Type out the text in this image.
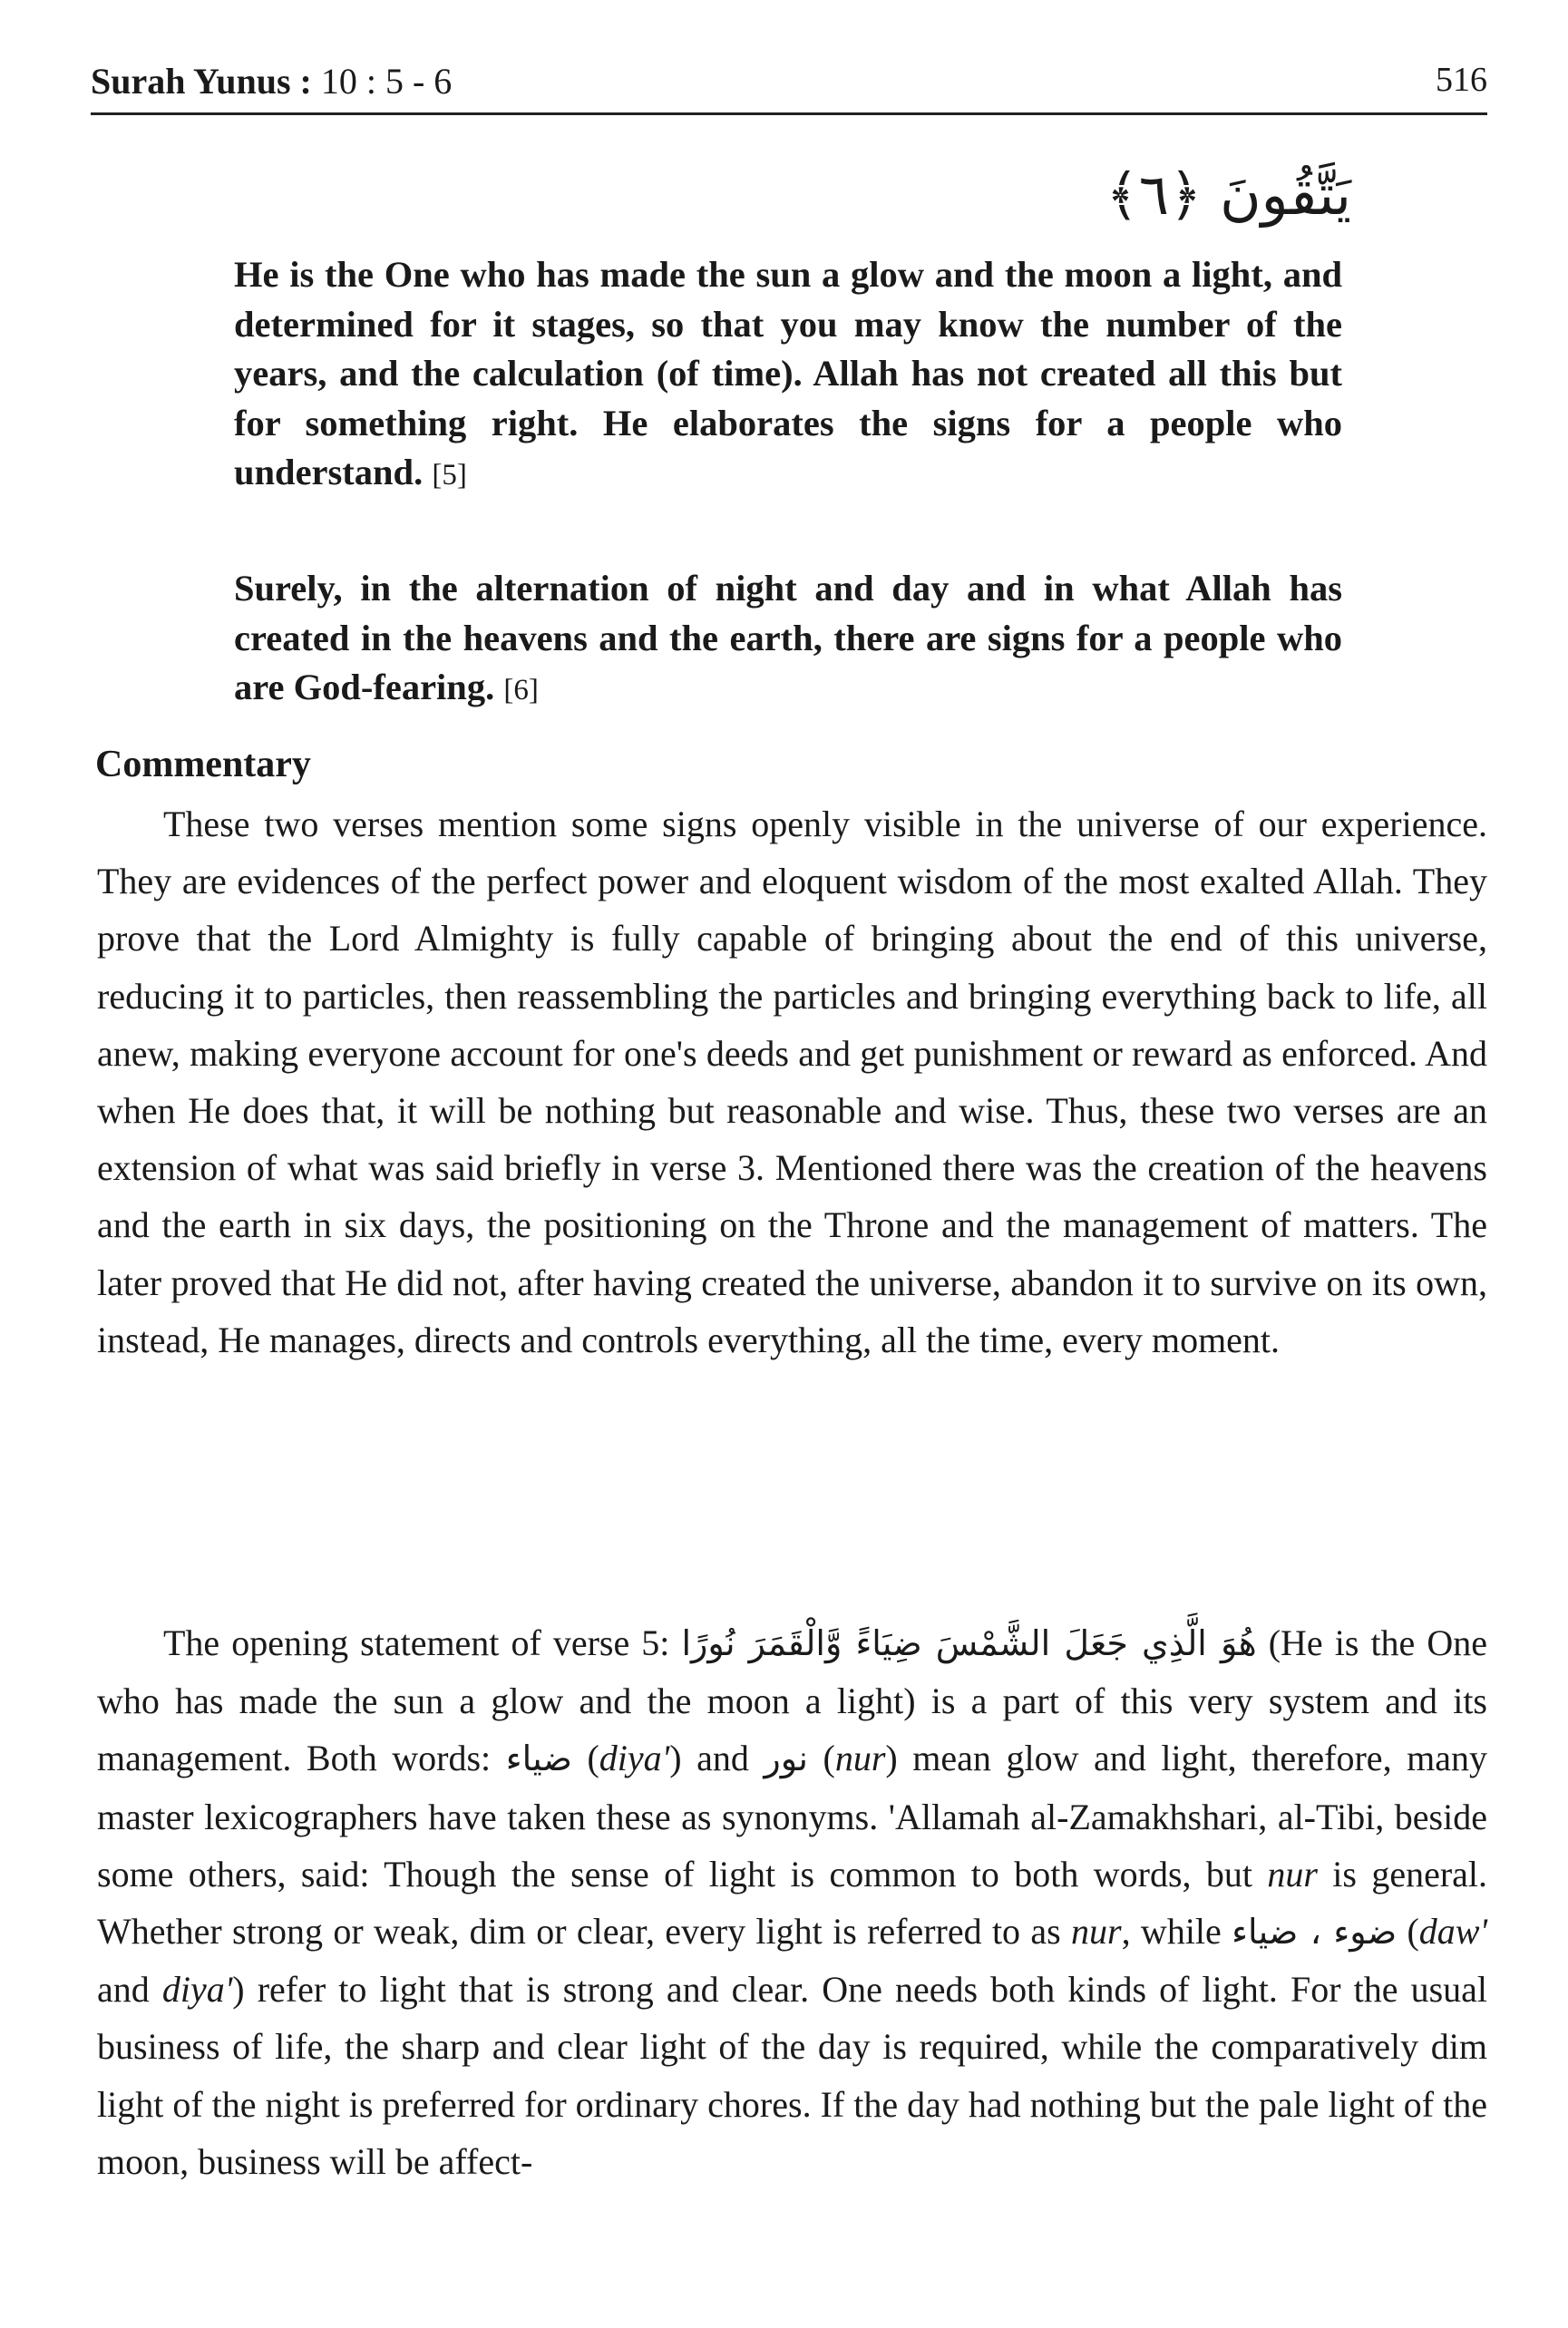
Surah Yunus : 10 : 5 - 6	516
يَتَّقُونَ ﴿٦﴾
He is the One who has made the sun a glow and the moon a light, and determined for it stages, so that you may know the number of the years, and the calculation (of time). Allah has not created all this but for something right. He elaborates the signs for a people who understand. [5]
Surely, in the alternation of night and day and in what Allah has created in the heavens and the earth, there are signs for a people who are God-fearing. [6]
Commentary
These two verses mention some signs openly visible in the universe of our experience. They are evidences of the perfect power and eloquent wisdom of the most exalted Allah. They prove that the Lord Almighty is fully capable of bringing about the end of this universe, reducing it to particles, then reassembling the particles and bringing everything back to life, all anew, making everyone account for one's deeds and get punishment or reward as enforced. And when He does that, it will be nothing but reasonable and wise. Thus, these two verses are an extension of what was said briefly in verse 3. Mentioned there was the creation of the heavens and the earth in six days, the positioning on the Throne and the management of matters. The later proved that He did not, after having created the universe, abandon it to survive on its own, instead, He manages, directs and controls everything, all the time, every moment.
The opening statement of verse 5: هُوَ الَّذِي جَعَلَ الشَّمْسَ ضِيَاءً وَّالْقَمَرَ نُورًا (He is the One who has made the sun a glow and the moon a light) is a part of this very system and its management. Both words: ضياء (diya') and نور (nur) mean glow and light, therefore, many master lexicographers have taken these as synonyms. 'Allamah al-Zamakhshari, al-Tibi, beside some others, said: Though the sense of light is common to both words, but nur is general. Whether strong or weak, dim or clear, every light is referred to as nur, while ضوء ، ضياء (daw' and diya') refer to light that is strong and clear. One needs both kinds of light. For the usual business of life, the sharp and clear light of the day is required, while the comparatively dim light of the night is preferred for ordinary chores. If the day had nothing but the pale light of the moon, business will be affect-
